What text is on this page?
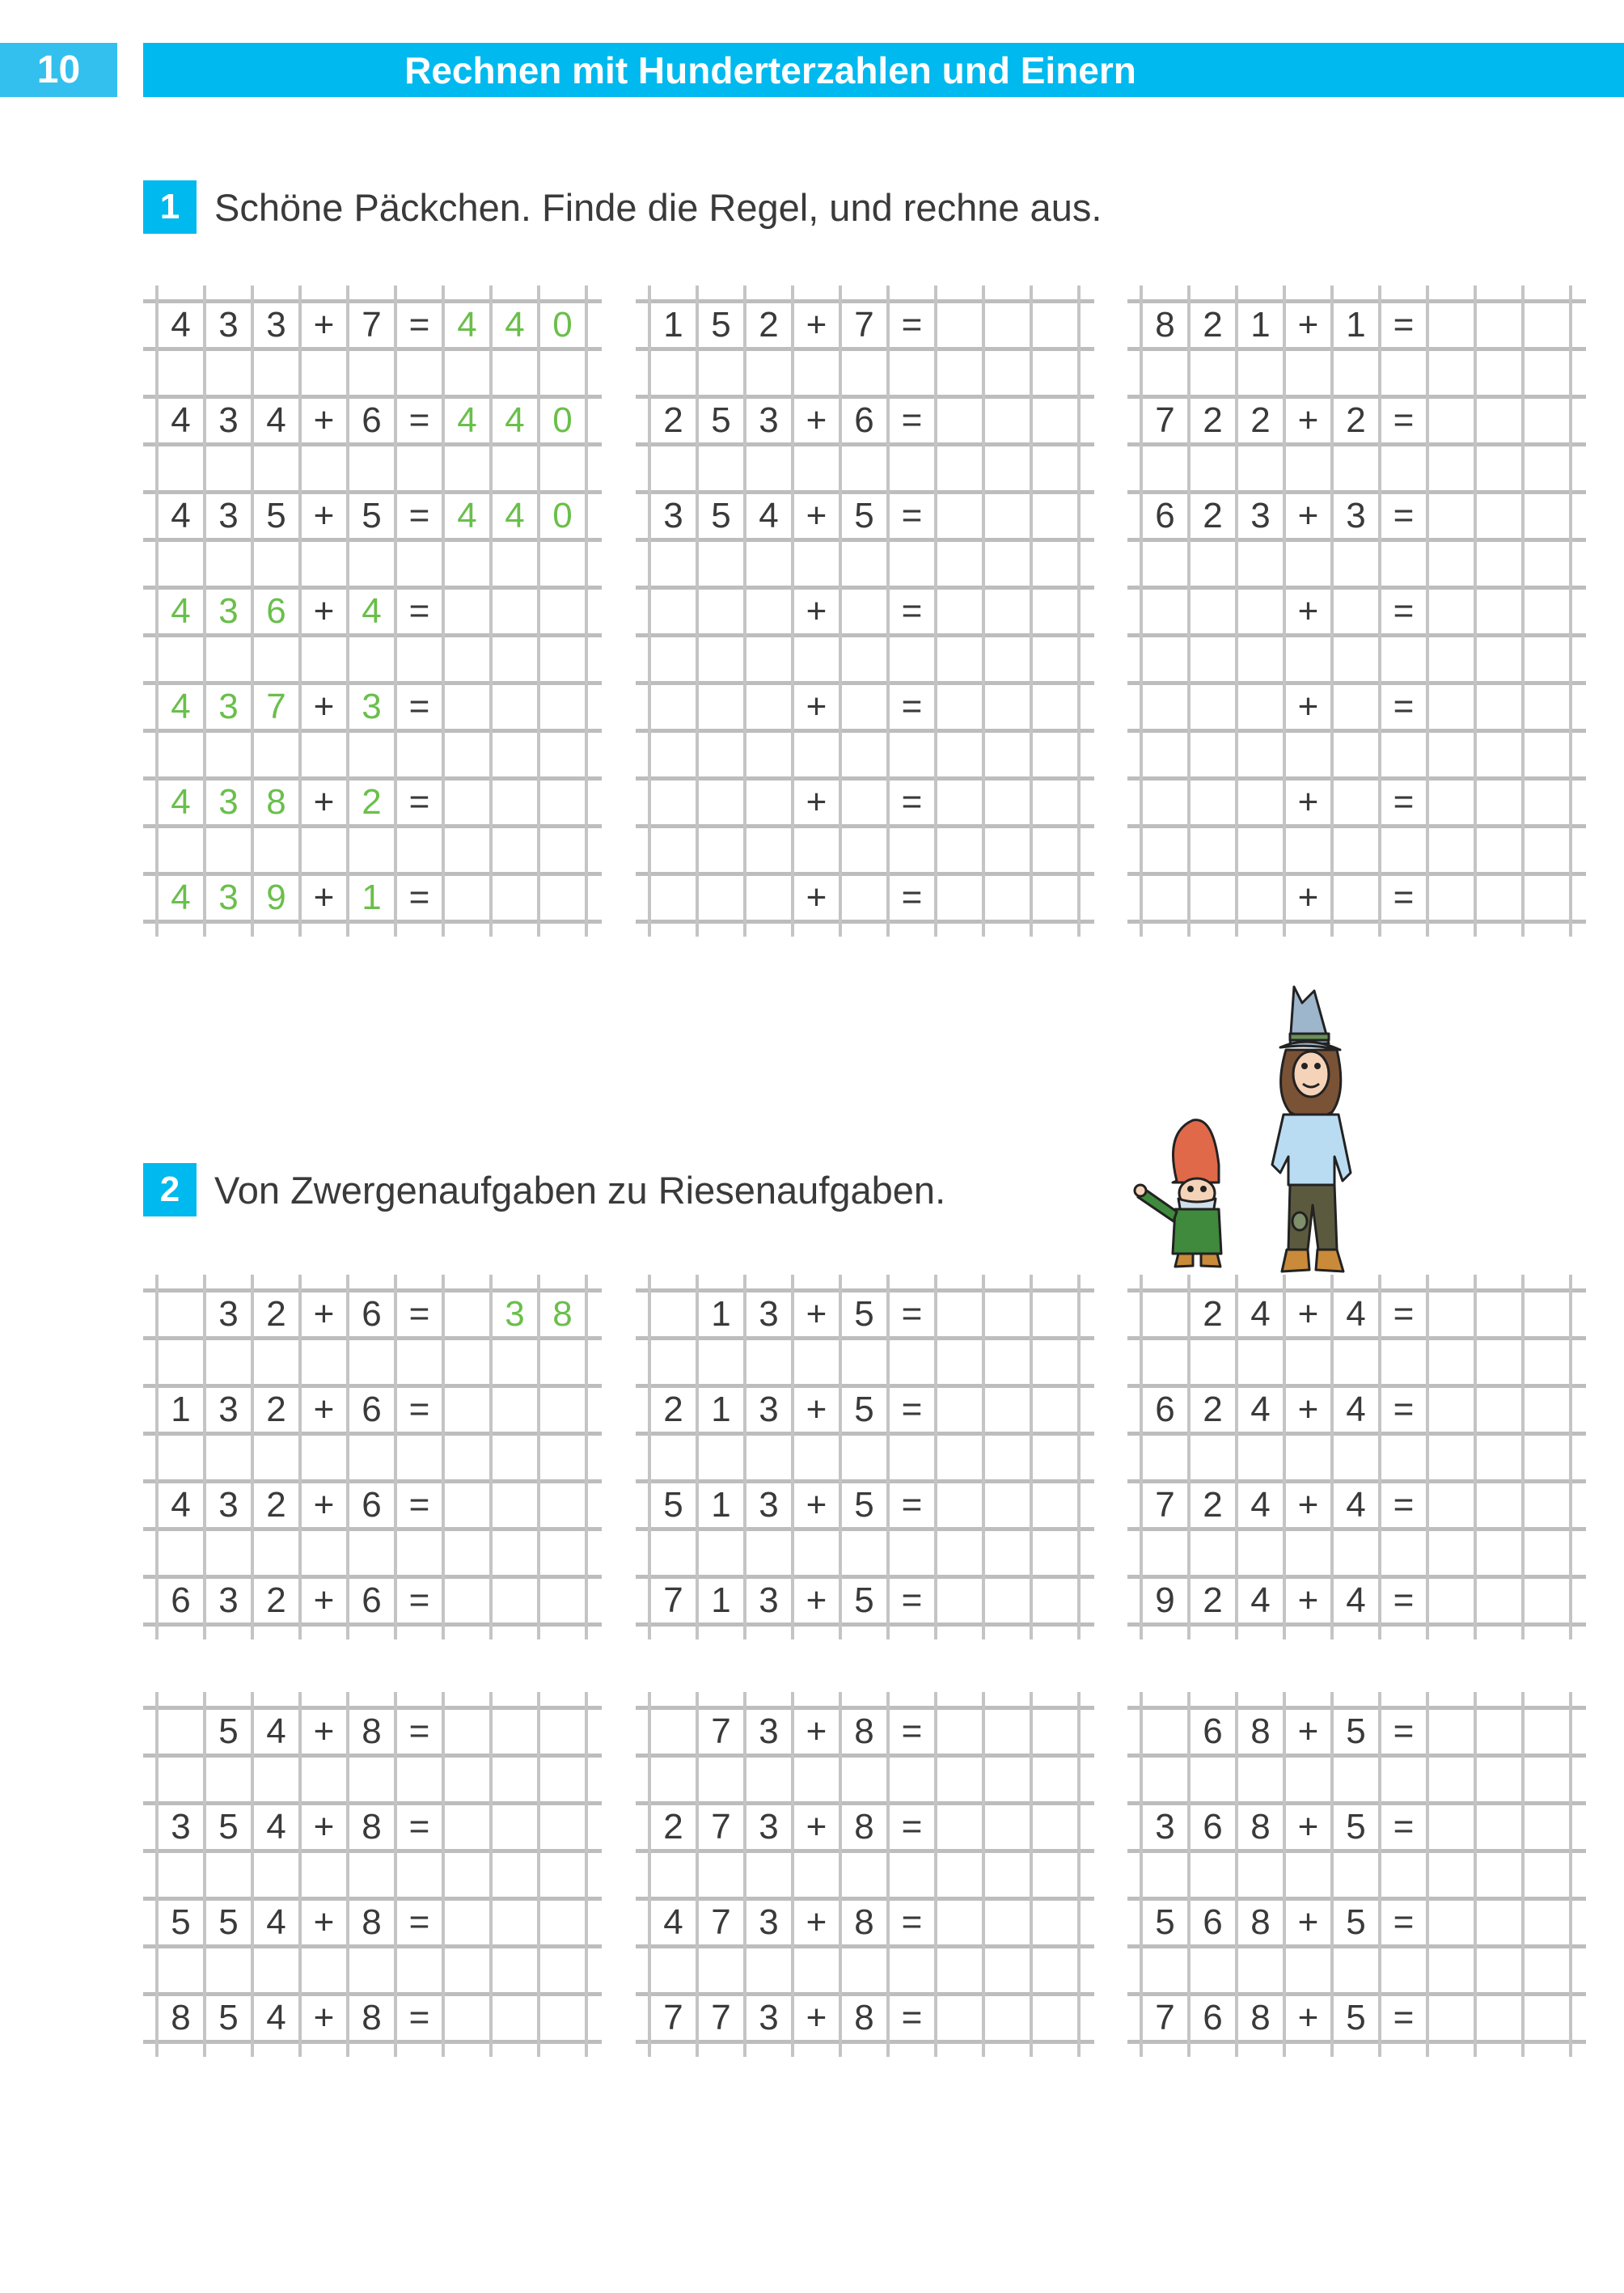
10	Rechnen mit Hunderterzahlen und Einern
1 Schöne Päckchen. Finde die Regel, und rechne aus.
2 Von Zwergenaufgaben zu Riesenaufgaben.
4 3 3 + 7 = 4 4 0
4 3 4 + 6 = 4 4 0
4 3 5 + 5 = 4 4 0
4 3 6 + 4 =
4 3 7 + 3 =
4 3 8 + 2 =
4 3 9 + 1 =
1 5 2 + 7 =
2 5 3 + 6 =
3 5 4 + 5 =
+	=
+	=
+	=
+	=
8 2 1 + 1 =
7 2 2 + 2 =
6 2 3 + 3 =
+	=
+	=
+	=
+	=
3 2 + 6 =	3 8
1 3 2 + 6 =
4 3 2 + 6 =
6 3 2 + 6 =
1 3 + 5 =
2 1 3 + 5 =
5 1 3 + 5 =
7 1 3 + 5 =
2 4 + 4 =
6 2 4 + 4 =
7 2 4 + 4 =
9 2 4 + 4 =
5 4 + 8 =
3 5 4 + 8 =
5 5 4 + 8 =
8 5 4 + 8 =
7 3 + 8 =
2 7 3 + 8 =
4 7 3 + 8 =
7 7 3 + 8 =
6 8 + 5 =
3 6 8 + 5 =
5 6 8 + 5 =
7 6 8 + 5 =
